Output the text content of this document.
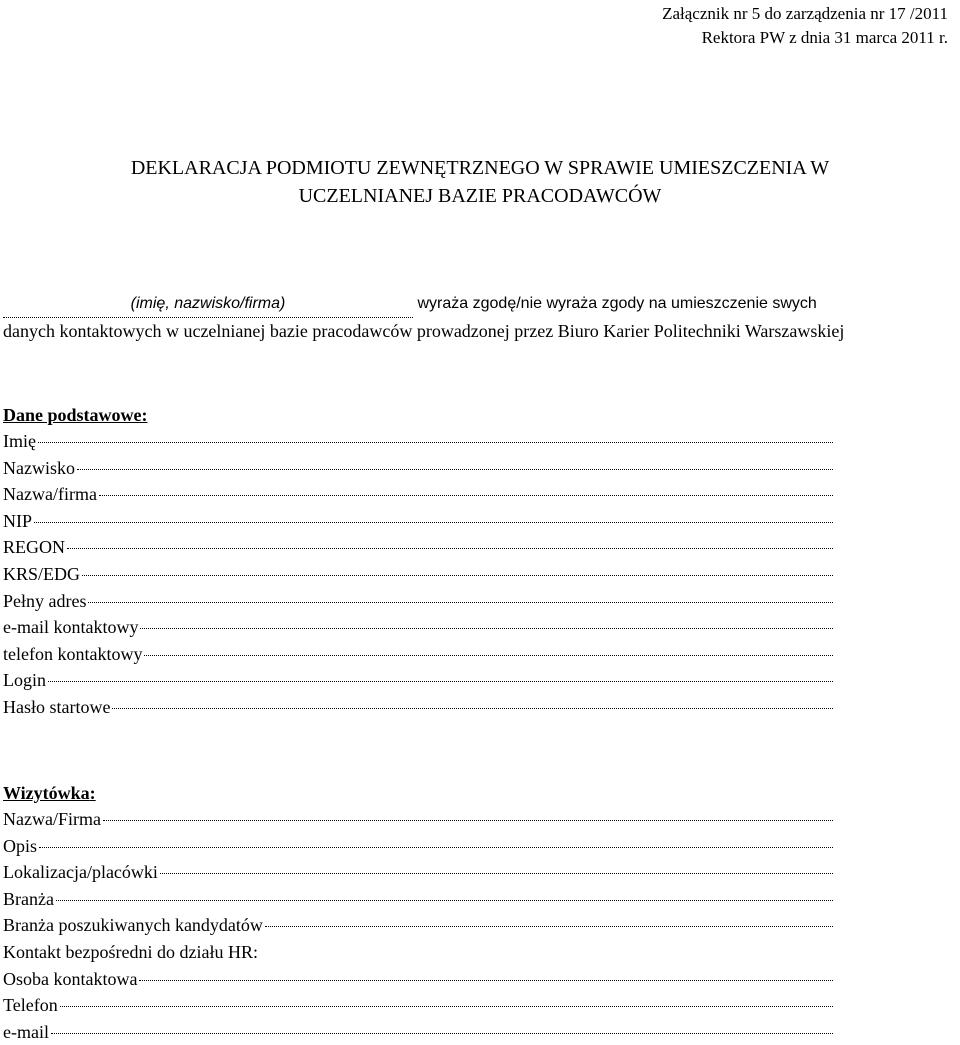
Załącznik nr 5 do zarządzenia nr 17 /2011
Rektora PW z dnia 31 marca 2011 r.
DEKLARACJA PODMIOTU ZEWNĘTRZNEGO W SPRAWIE UMIESZCZENIA W
UCZELNIANEJ BAZIE PRACODAWCÓW
(imię, nazwisko/firma)	wyraża zgodę/nie wyraża zgody na umieszczenie swych
danych kontaktowych w uczelnianej bazie pracodawców prowadzonej przez Biuro Karier Politechniki Warszawskiej
Dane podstawowe:
Imię
Nazwisko
Nazwa/firma
NIP
REGON
KRS/EDG
Pełny adres
e-mail kontaktowy
telefon kontaktowy
Login
Hasło startowe
Wizytówka:
Nazwa/Firma
Opis
Lokalizacja/placówki
Branża
Branża poszukiwanych kandydatów
Kontakt bezpośredni do działu HR:
Osoba kontaktowa
Telefon
e-mail
